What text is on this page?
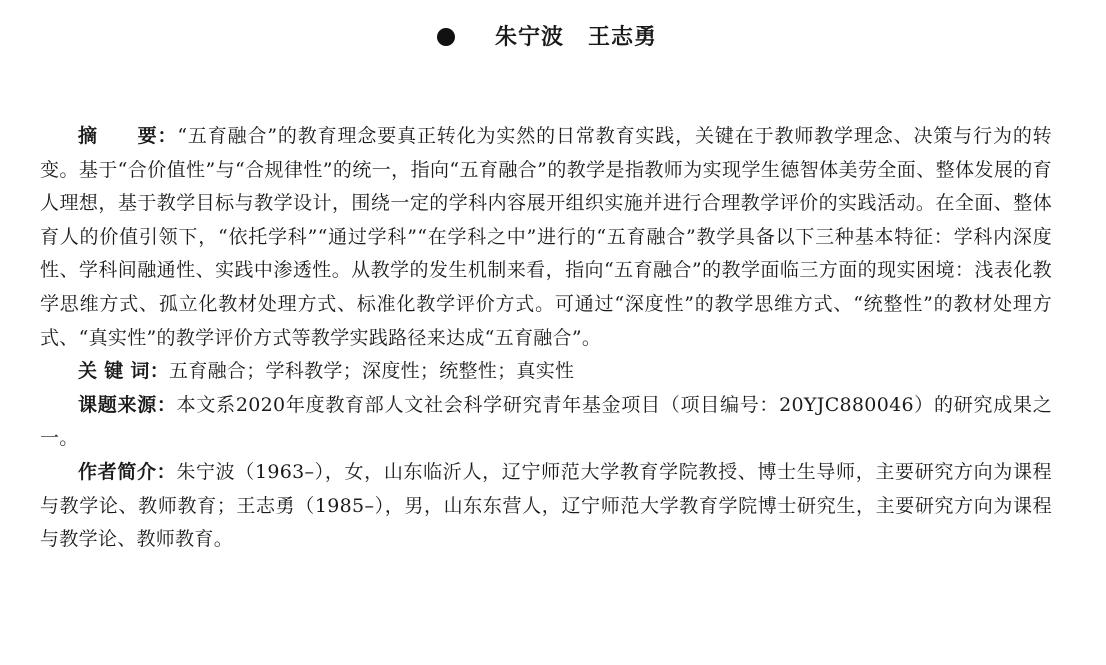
朱宁波 王志勇

摘　　要：“五育融合”的教育理念要真正转化为实然的日常教育实践，关键在于教师教学理念、决策与行为的转变。基于“合价值性”与“合规律性”的统一，指向“五育融合”的教学是指教师为实现学生德智体美劳全面、整体发展的育人理想，基于教学目标与教学设计，围绕一定的学科内容展开组织实施并进行合理教学评价的实践活动。在全面、整体育人的价值引领下，“依托学科”“通过学科”“在学科之中”进行的“五育融合”教学具备以下三种基本特征：学科内深度性、学科间融通性、实践中渗透性。从教学的发生机制来看，指向“五育融合”的教学面临三方面的现实困境：浅表化教学思维方式、孤立化教材处理方式、标准化教学评价方式。可通过“深度性”的教学思维方式、“统整性”的教材处理方式、“真实性”的教学评价方式等教学实践路径来达成“五育融合”。

关 键 词：五育融合；学科教学；深度性；统整性；真实性

课题来源：本文系2020年度教育部人文社会科学研究青年基金项目（项目编号：20YJC880046）的研究成果之一。

作者简介：朱宁波（1963–），女，山东临沂人，辽宁师范大学教育学院教授、博士生导师，主要研究方向为课程与教学论、教师教育；王志勇（1985–），男，山东东营人，辽宁师范大学教育学院博士研究生，主要研究方向为课程与教学论、教师教育。
